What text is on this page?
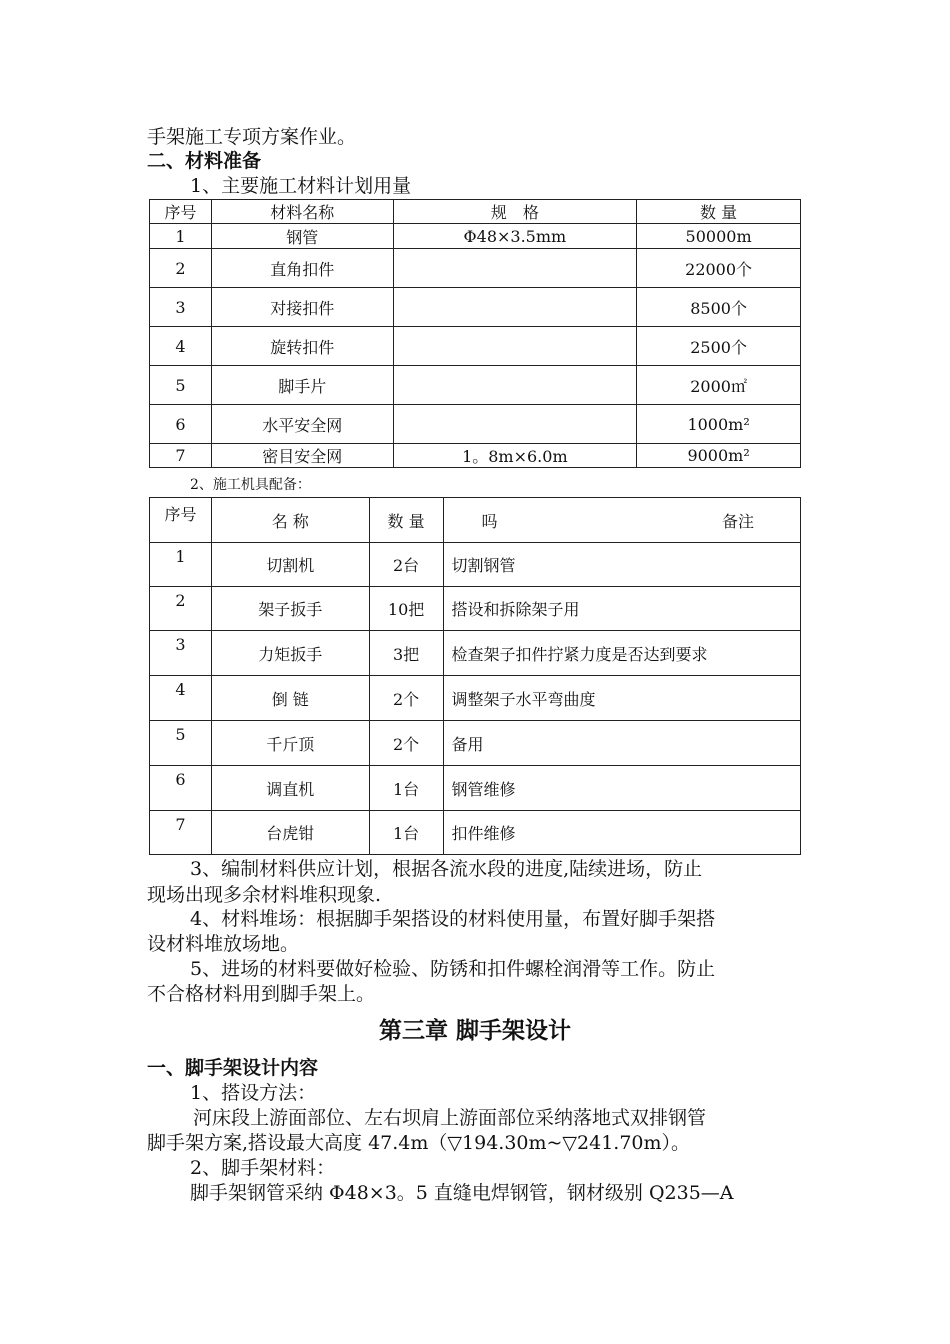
手架施工专项方案作业。
二、材料准备
1、主要施工材料计划用量
序号	材料名称	规　格	数 量
1	钢管	Φ48×3.5mm	50000m
2	直角扣件		22000个
3	对接扣件		8500个
4	旋转扣件		2500个
5	脚手片		2000㎡
6	水平安全网		1000m²
7	密目安全网	1。8m×6.0m	9000m²
2、施工机具配备：
序号	名 称	数 量	吗 备注

1	切割机	2台	切割钢管
2	架子扳手	10把	搭设和拆除架子用
3	力矩扳手	3把	检查架子扣件拧紧力度是否达到要求
4	倒 链	2个	调整架子水平弯曲度
5	千斤顶	2个	备用
6	调直机	1台	钢管维修
7	台虎钳	1台	扣件维修
3、编制材料供应计划，根据各流水段的进度,陆续进场，防止
现场出现多余材料堆积现象.
4、材料堆场：根据脚手架搭设的材料使用量，布置好脚手架搭
设材料堆放场地。
5、进场的材料要做好检验、防锈和扣件螺栓润滑等工作。防止
不合格材料用到脚手架上。
第三章 脚手架设计
一、脚手架设计内容
1、搭设方法：
河床段上游面部位、左右坝肩上游面部位采纳落地式双排钢管
脚手架方案,搭设最大高度 47.4m（▽194.30m~▽241.70m）。
2、脚手架材料：
脚手架钢管采纳 Φ48×3。5 直缝电焊钢管，钢材级别 Q235—A
